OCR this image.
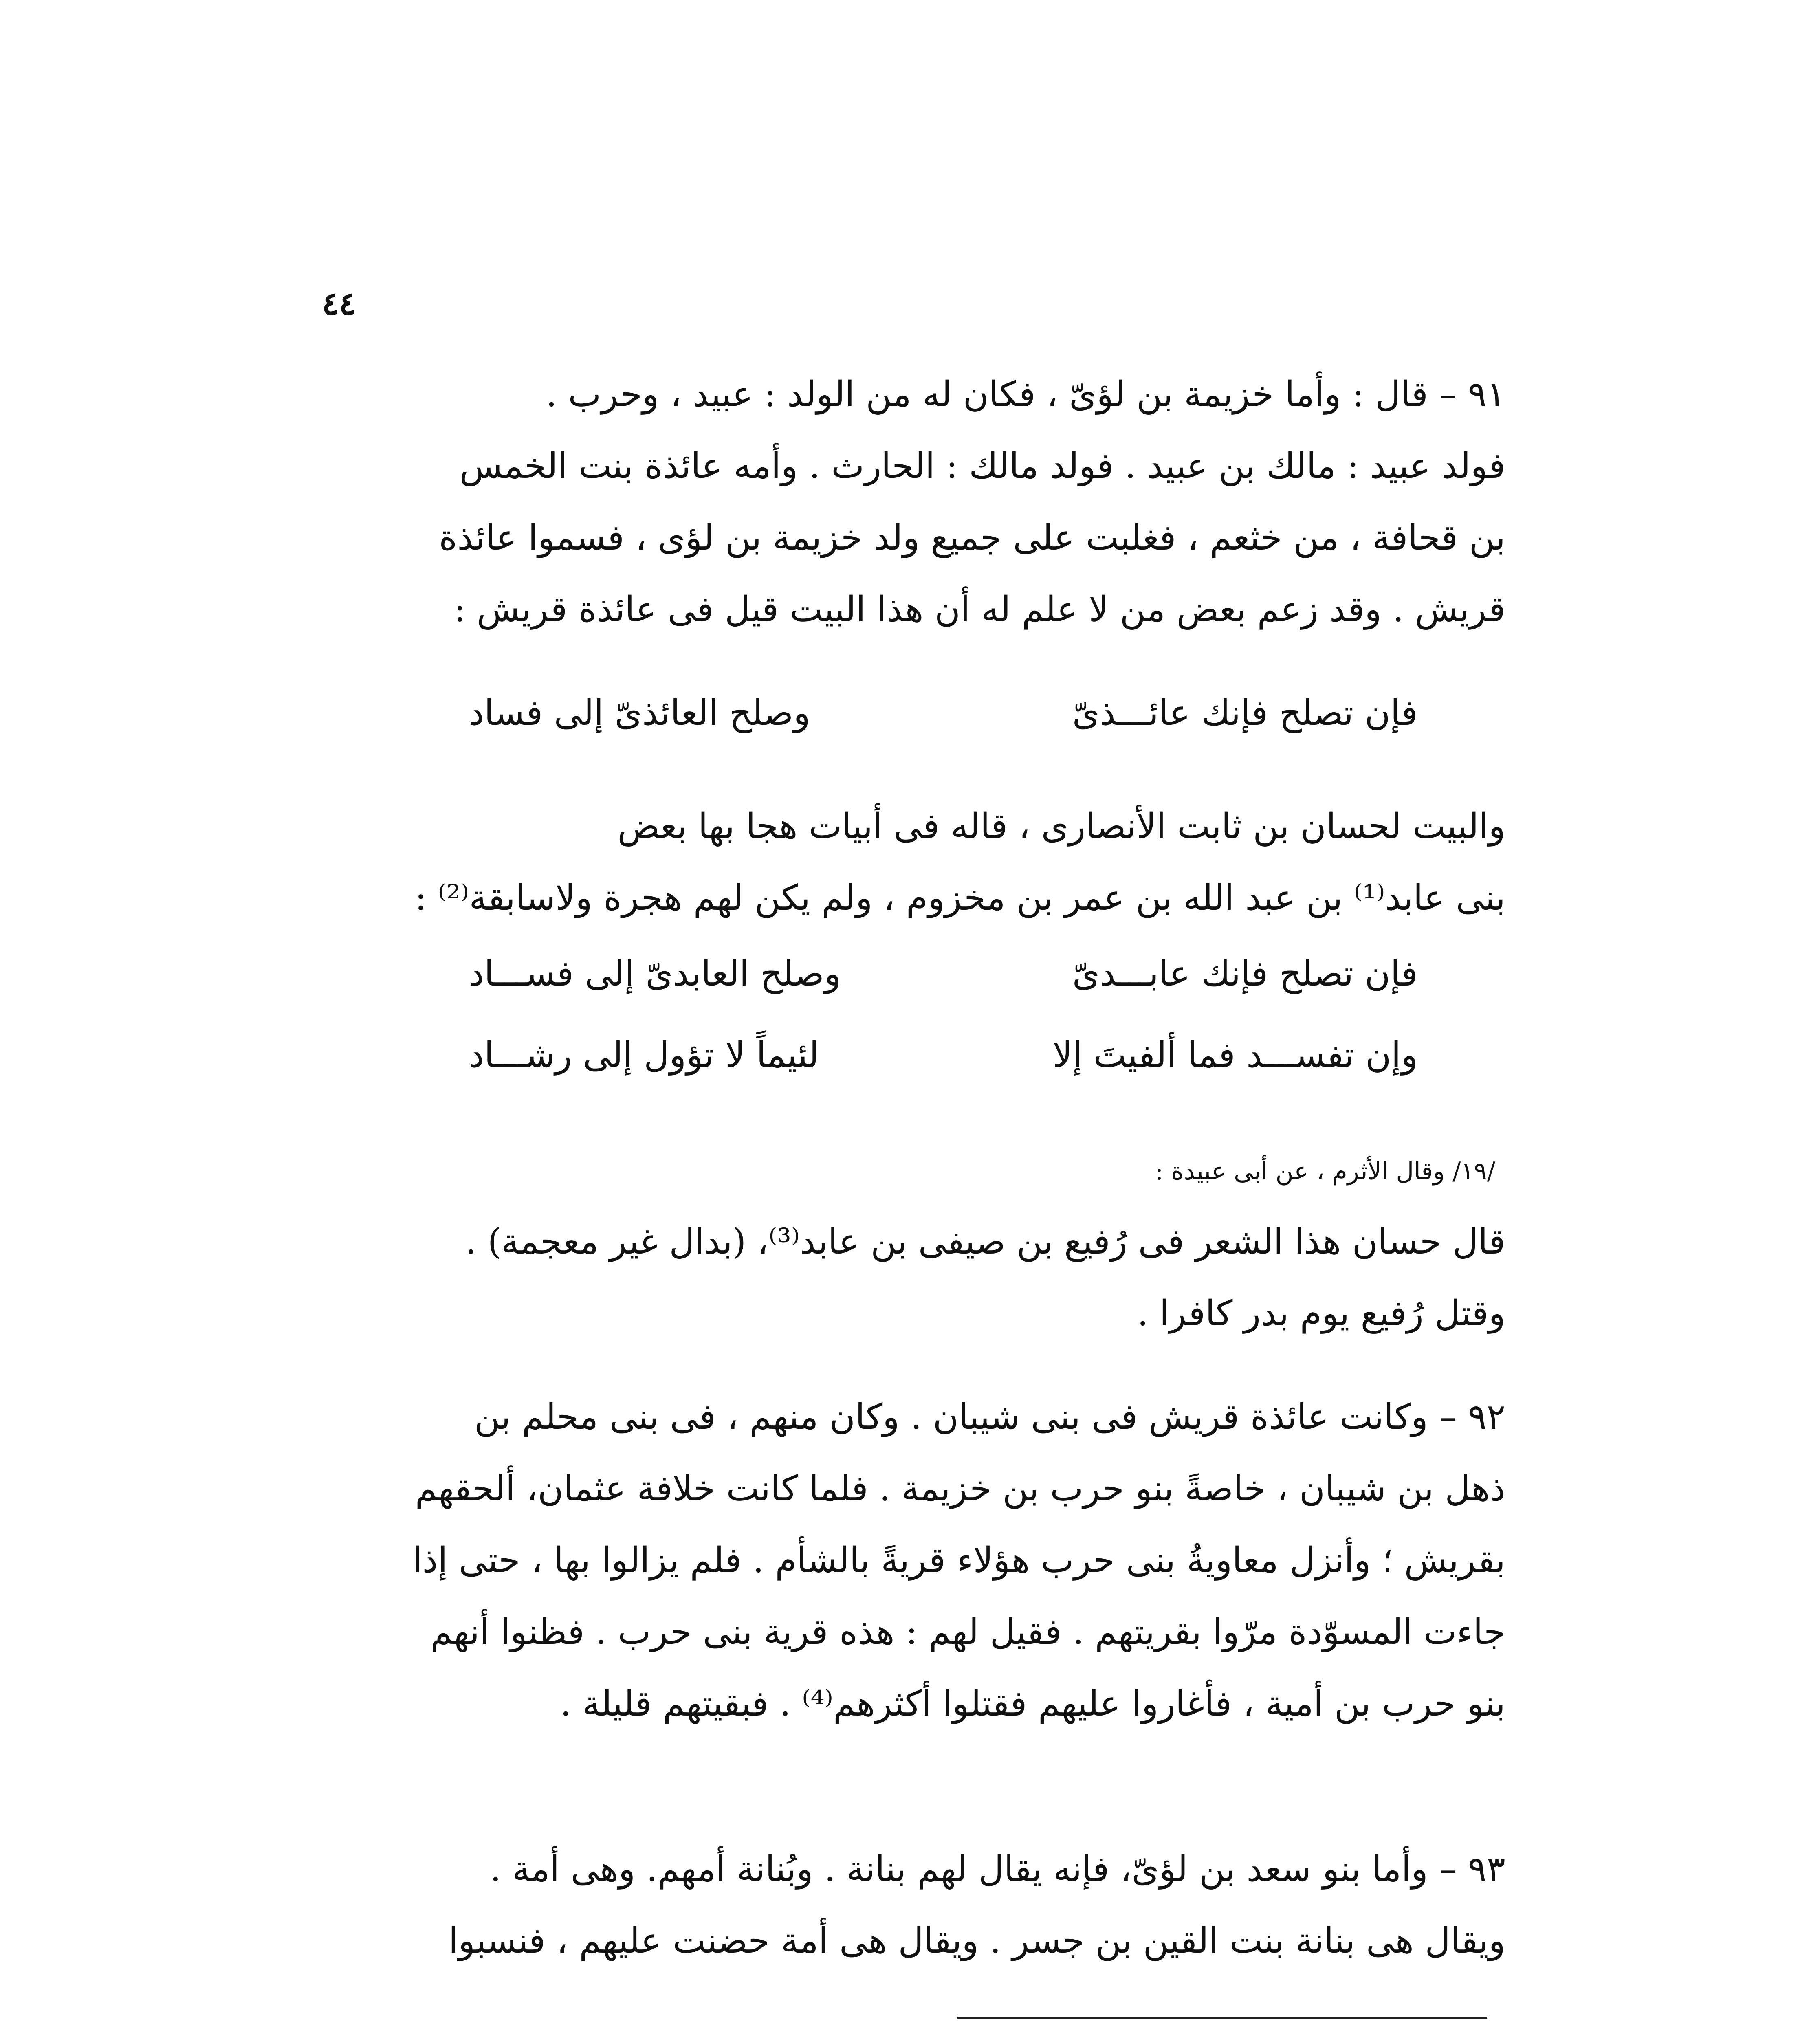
٤٤
٩١ – قال : وأما خزيمة بن لؤىّ ، فكان له من الولد : عبيد ، وحرب .
فولد عبيد : مالك بن عبيد . فولد مالك : الحارث . وأمه عائذة بنت الخمس
بن قحافة ، من خثعم ، فغلبت على جميع ولد خزيمة بن لؤى ، فسموا عائذة
قريش . وقد زعم بعض من لا علم له أن هذا البيت قيل فى عائذة قريش :
فإن تصلح فإنك عائـــذىّ
وصلح العائذىّ إلى فساد
والبيت لحسان بن ثابت الأنصارى ، قاله فى أبيات هجا بها بعض
بنى عابد⁽¹⁾ بن عبد الله بن عمر بن مخزوم ، ولم يكن لهم هجرة ولاسابقة⁽²⁾ :
فإن تصلح فإنك عابـــدىّ
وصلح العابدىّ إلى فســـاد
وإن تفســـد فما ألفيتَ إلا
لئيماً لا تؤول إلى رشـــاد
/١٩/ وقال الأثرم ، عن أبى عبيدة :
قال حسان هذا الشعر فى رُفيع بن صيفى بن عابد⁽³⁾، (بدال غير معجمة) .
وقتل رُفيع يوم بدر كافرا .
٩٢ – وكانت عائذة قريش فى بنى شيبان . وكان منهم ، فى بنى محلم بن
ذهل بن شيبان ، خاصةً بنو حرب بن خزيمة . فلما كانت خلافة عثمان، ألحقهم
بقريش ؛ وأنزل معاويةُ بنى حرب هؤلاء قريةً بالشأم . فلم يزالوا بها ، حتى إذا
جاءت المسوّدة مرّوا بقريتهم . فقيل لهم : هذه قرية بنى حرب . فظنوا أنهم
بنو حرب بن أمية ، فأغاروا عليهم فقتلوا أكثرهم⁽⁴⁾ . فبقيتهم قليلة .
٩٣ – وأما بنو سعد بن لؤىّ، فإنه يقال لهم بنانة . وبُنانة أمهم. وهى أمة .
ويقال هى بنانة بنت القين بن جسر . ويقال هى أمة حضنت عليهم ، فنسبوا
